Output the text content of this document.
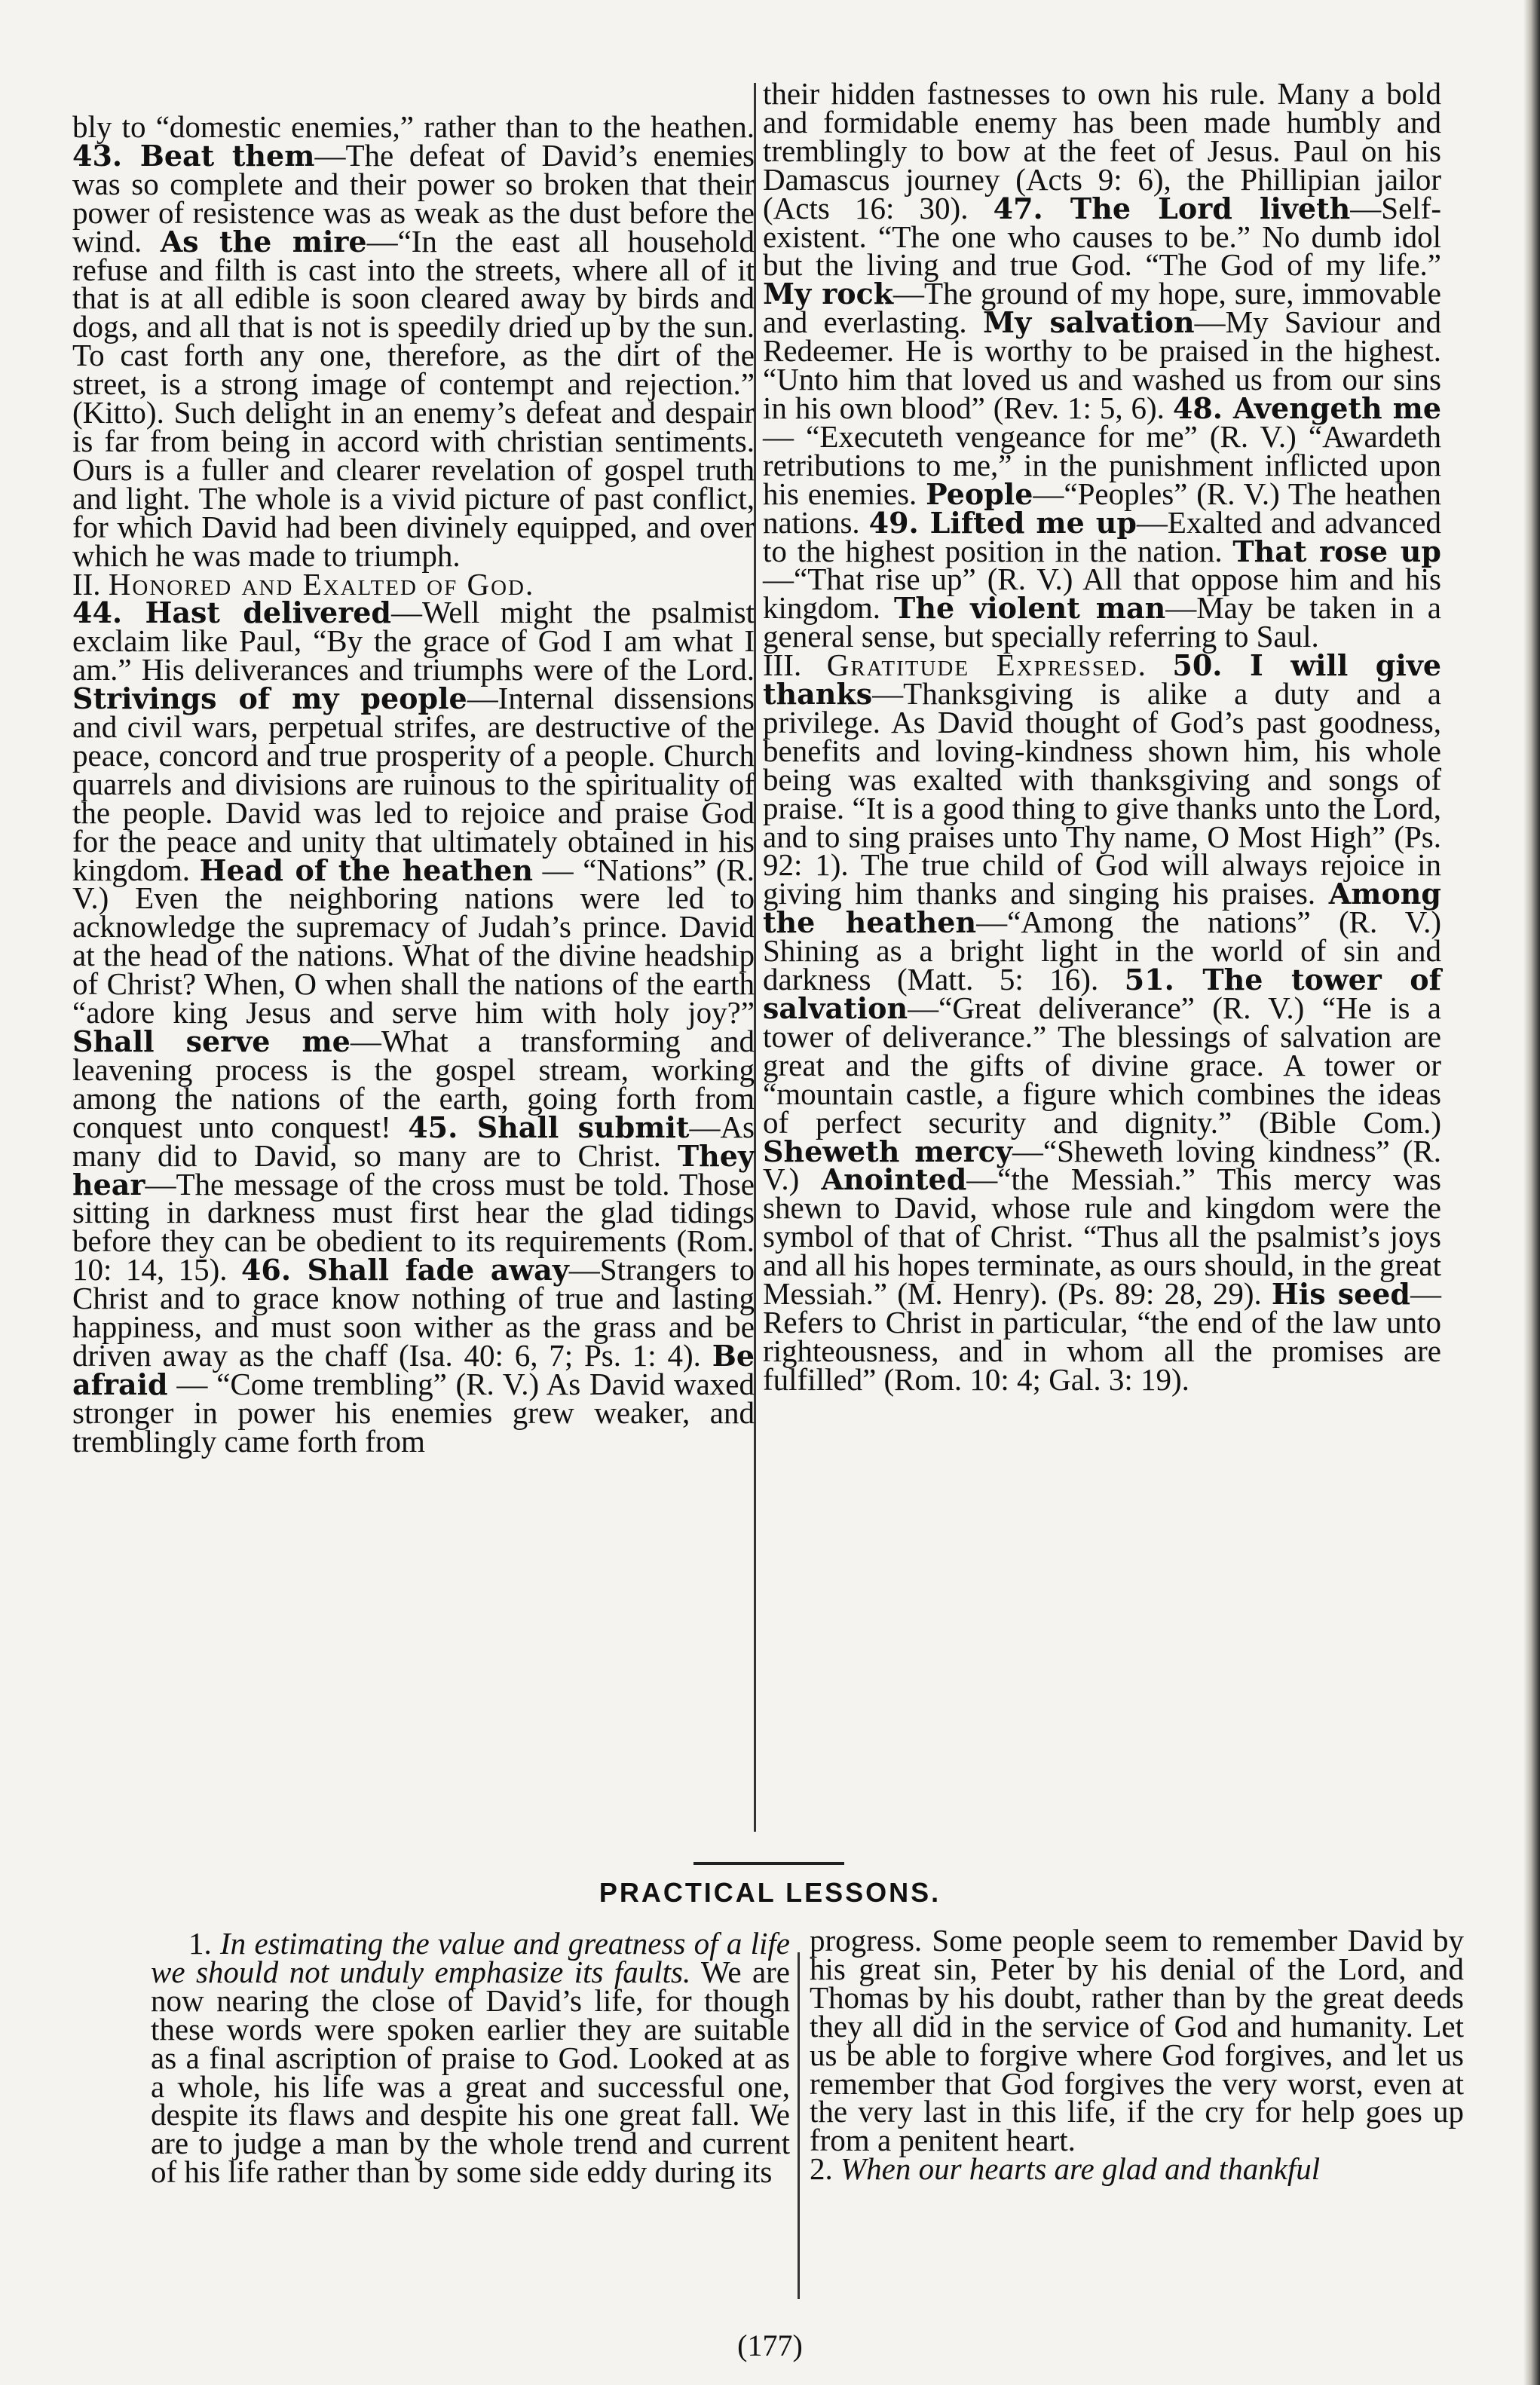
bly to “domestic enemies,” rather than to the heathen. 43. Beat them—The defeat of David’s enemies was so complete and their power so broken that their power of resistence was as weak as the dust before the wind. As the mire—“In the east all household refuse and filth is cast into the streets, where all of it that is at all edible is soon cleared away by birds and dogs, and all that is not is speedily dried up by the sun. To cast forth any one, therefore, as the dirt of the street, is a strong image of contempt and rejection.” (Kitto). Such delight in an enemy’s defeat and despair is far from being in accord with christian sentiments. Ours is a fuller and clearer revelation of gospel truth and light. The whole is a vivid picture of past conflict, for which David had been divinely equipped, and over which he was made to triumph.

II. Honored and Exalted of God.

44. Hast delivered—Well might the psalmist exclaim like Paul, “By the grace of God I am what I am.” His deliverances and triumphs were of the Lord. Strivings of my people—Internal dissensions and civil wars, perpetual strifes, are destructive of the peace, concord and true prosperity of a people. Church quarrels and divisions are ruinous to the spirituality of the people. David was led to rejoice and praise God for the peace and unity that ultimately obtained in his kingdom. Head of the heathen — “Nations” (R. V.) Even the neighboring nations were led to acknowledge the supremacy of Judah’s prince. David at the head of the nations. What of the divine headship of Christ? When, O when shall the nations of the earth “adore king Jesus and serve him with holy joy?” Shall serve me—What a transforming and leavening process is the gospel stream, working among the nations of the earth, going forth from conquest unto conquest! 45. Shall submit—As many did to David, so many are to Christ. They hear—The message of the cross must be told. Those sitting in darkness must first hear the glad tidings before they can be obedient to its requirements (Rom. 10: 14, 15). 46. Shall fade away—Strangers to Christ and to grace know nothing of true and lasting happiness, and must soon wither as the grass and be driven away as the chaff (Isa. 40: 6, 7; Ps. 1: 4). Be afraid — “Come trembling” (R. V.) As David waxed stronger in power his enemies grew weaker, and tremblingly came forth from

their hidden fastnesses to own his rule. Many a bold and formidable enemy has been made humbly and tremblingly to bow at the feet of Jesus. Paul on his Damascus journey (Acts 9: 6), the Phillipian jailor (Acts 16: 30). 47. The Lord liveth—Self-existent. “The one who causes to be.” No dumb idol but the living and true God. “The God of my life.” My rock—The ground of my hope, sure, immovable and everlasting. My salvation—My Saviour and Redeemer. He is worthy to be praised in the highest. “Unto him that loved us and washed us from our sins in his own blood” (Rev. 1: 5, 6). 48. Avengeth me — “Executeth vengeance for me” (R. V.) “Awardeth retributions to me,” in the punishment inflicted upon his enemies. People—“Peoples” (R. V.) The heathen nations. 49. Lifted me up—Exalted and advanced to the highest position in the nation. That rose up—“That rise up” (R. V.) All that oppose him and his kingdom. The violent man—May be taken in a general sense, but specially referring to Saul.

III. Gratitude Expressed. 50. I will give thanks—Thanksgiving is alike a duty and a privilege. As David thought of God’s past goodness, benefits and loving-kindness shown him, his whole being was exalted with thanksgiving and songs of praise. “It is a good thing to give thanks unto the Lord, and to sing praises unto Thy name, O Most High” (Ps. 92: 1). The true child of God will always rejoice in giving him thanks and singing his praises. Among the heathen—“Among the nations” (R. V.) Shining as a bright light in the world of sin and darkness (Matt. 5: 16). 51. The tower of salvation—“Great deliverance” (R. V.) “He is a tower of deliverance.” The blessings of salvation are great and the gifts of divine grace. A tower or “mountain castle, a figure which combines the ideas of perfect security and dignity.” (Bible Com.) Sheweth mercy—“Sheweth loving kindness” (R. V.) Anointed—“the Messiah.” This mercy was shewn to David, whose rule and kingdom were the symbol of that of Christ. “Thus all the psalmist’s joys and all his hopes terminate, as ours should, in the great Messiah.” (M. Henry). (Ps. 89: 28, 29). His seed—Refers to Christ in particular, “the end of the law unto righteousness, and in whom all the promises are fulfilled” (Rom. 10: 4; Gal. 3: 19).

PRACTICAL LESSONS.

1. In estimating the value and greatness of a life we should not unduly emphasize its faults. We are now nearing the close of David’s life, for though these words were spoken earlier they are suitable as a final ascription of praise to God. Looked at as a whole, his life was a great and successful one, despite its flaws and despite his one great fall. We are to judge a man by the whole trend and current of his life rather than by some side eddy during its

progress. Some people seem to remember David by his great sin, Peter by his denial of the Lord, and Thomas by his doubt, rather than by the great deeds they all did in the service of God and humanity. Let us be able to forgive where God forgives, and let us remember that God forgives the very worst, even at the very last in this life, if the cry for help goes up from a penitent heart.

2. When our hearts are glad and thankful

(177)
